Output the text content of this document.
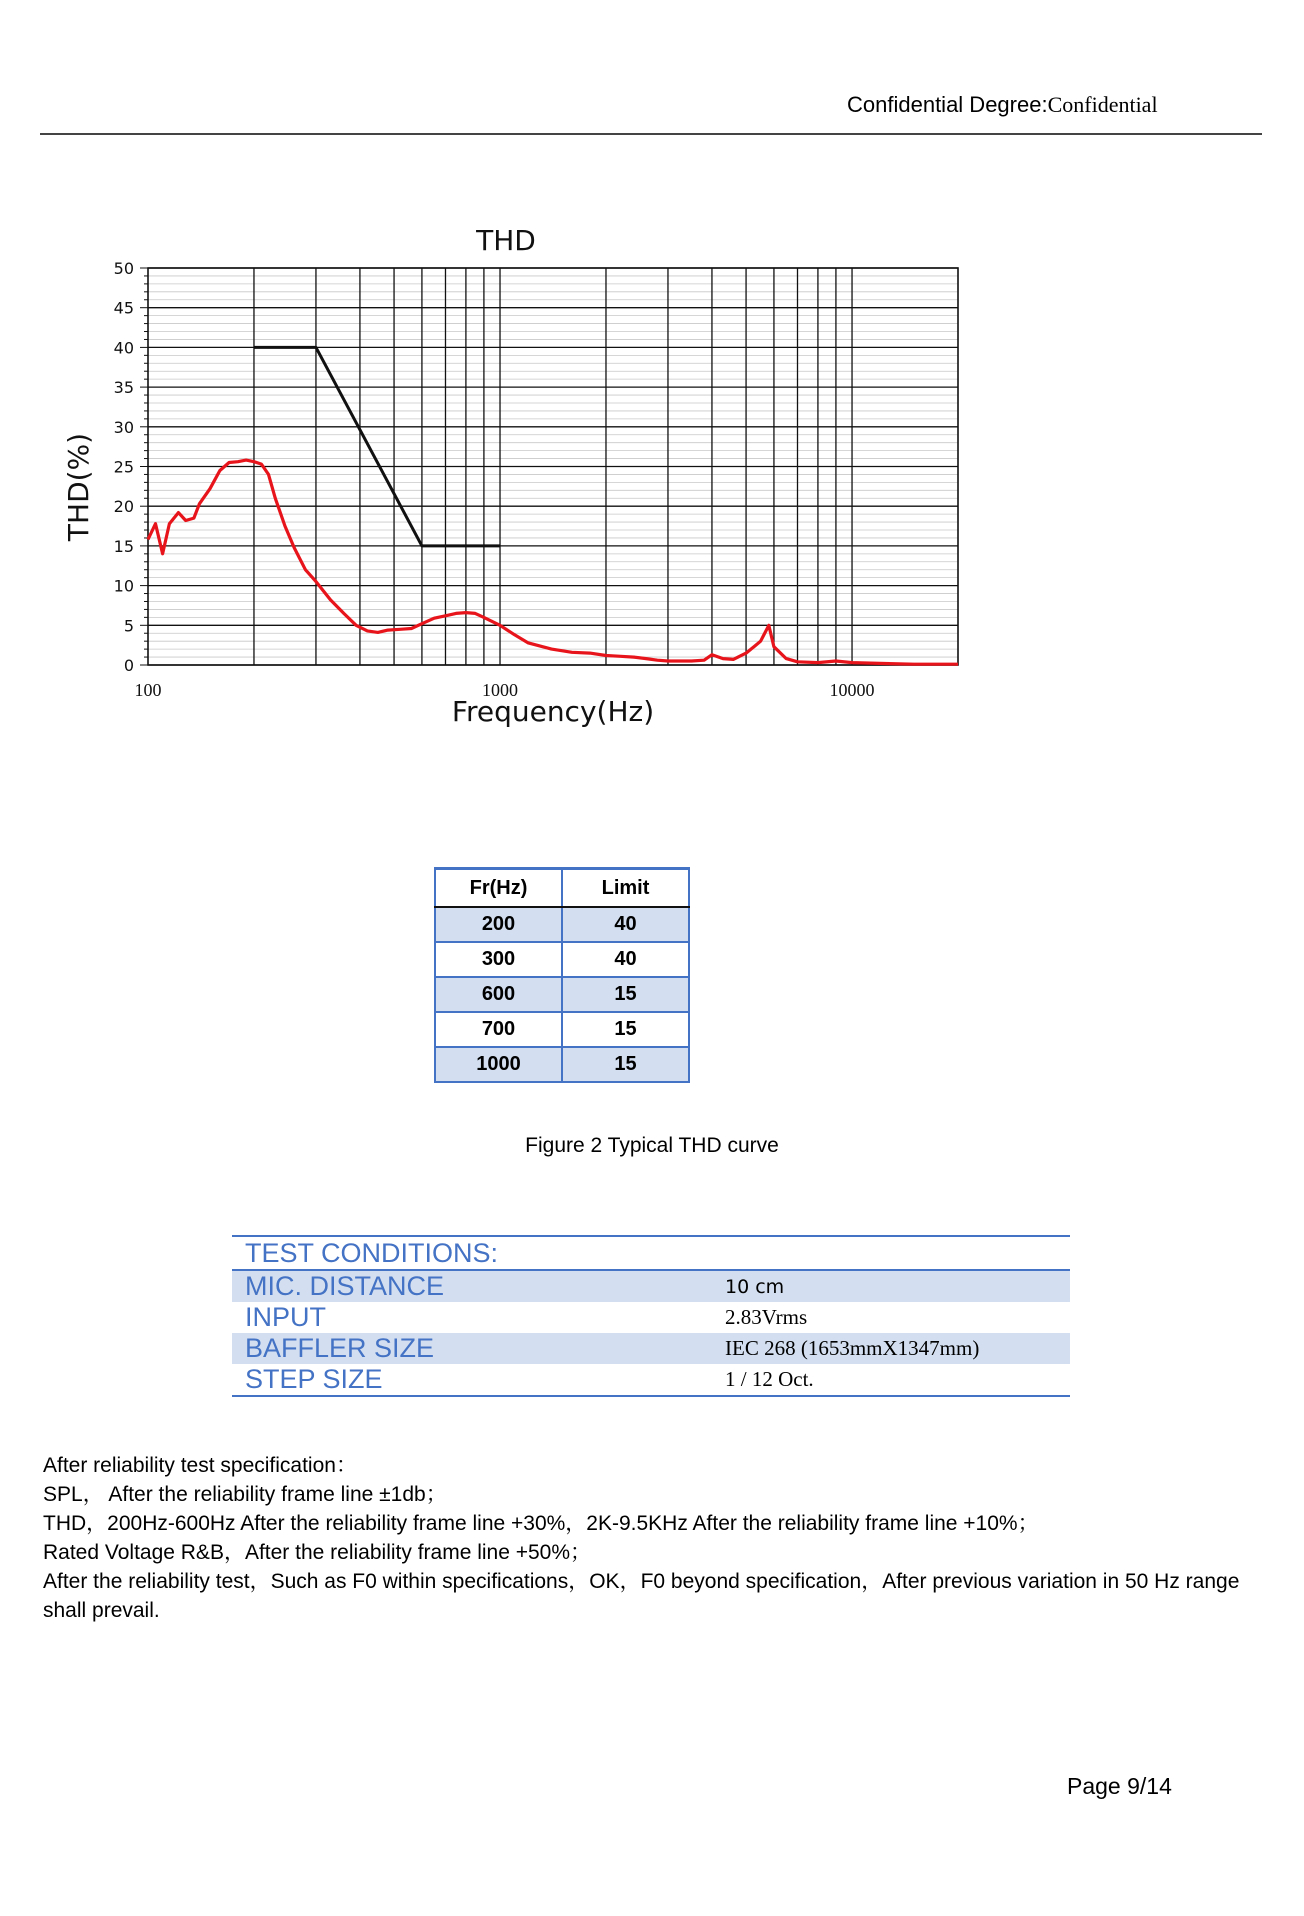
Confidential Degree:Confidential
0
5
10
15
20
25
30
35
40
45
50
100	1000	10000
THD
Frequency(Hz)
THD(%)
Fr(Hz)	Limit
200	40
300	40
600	15
700	15
1000	15
Figure 2 Typical THD curve
TEST CONDITIONS:	
MIC. DISTANCE	10 cm
INPUT	2.83Vrms
BAFFLER SIZE	IEC 268 (1653mmX1347mm)
STEP SIZE	1 / 12 Oct.

After reliability test specification：

SPL， After the reliability frame line ±1db；

THD，200Hz-600Hz After the reliability frame line +30%，2K-9.5KHz After the reliability frame line +10%；

Rated Voltage R&B，After the reliability frame line +50%；

After the reliability test，Such as F0 within specifications，OK，F0 beyond specification，After previous variation in 50 Hz range shall prevail.

Page 9/14
